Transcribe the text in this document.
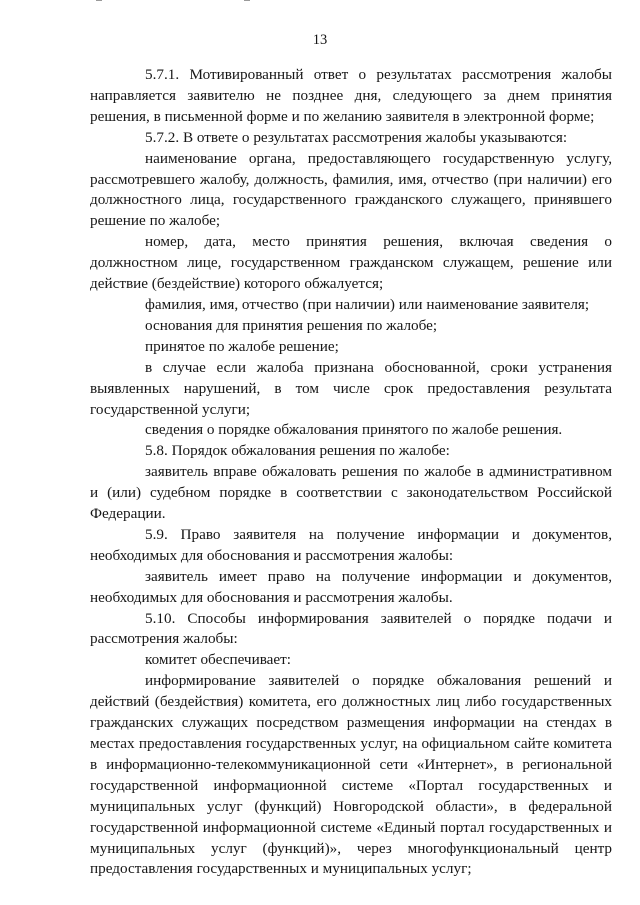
13

5.7.1. Мотивированный ответ о результатах рассмотрения жалобы направляется заявителю не позднее дня, следующего за днем принятия решения, в письменной форме и по желанию заявителя в электронной форме;

5.7.2. В ответе о результатах рассмотрения жалобы указываются:

наименование органа, предоставляющего государственную услугу, рассмотревшего жалобу, должность, фамилия, имя, отчество (при наличии) его должностного лица, государственного гражданского служащего, принявшего решение по жалобе;

номер, дата, место принятия решения, включая сведения о должностном лице, государственном гражданском служащем, решение или действие (бездействие) которого обжалуется;

фамилия, имя, отчество (при наличии) или наименование заявителя;

основания для принятия решения по жалобе;

принятое по жалобе решение;

в случае если жалоба признана обоснованной, сроки устранения выявленных нарушений, в том числе срок предоставления результата государственной услуги;

сведения о порядке обжалования принятого по жалобе решения.

5.8. Порядок обжалования решения по жалобе:

заявитель вправе обжаловать решения по жалобе в административном и (или) судебном порядке в соответствии с законодательством Российской Федерации.

5.9. Право заявителя на получение информации и документов, необходимых для обоснования и рассмотрения жалобы:

заявитель имеет право на получение информации и документов, необходимых для обоснования и рассмотрения жалобы.

5.10. Способы информирования заявителей о порядке подачи и рассмотрения жалобы:

комитет обеспечивает:

информирование заявителей о порядке обжалования решений и действий (бездействия) комитета, его должностных лиц либо государственных гражданских служащих посредством размещения информации на стендах в местах предоставления государственных услуг, на официальном сайте комитета в информационно-телекоммуникационной сети «Интернет», в региональной государственной информационной системе «Портал государственных и муниципальных услуг (функций) Новгородской области», в федеральной государственной информационной системе «Единый портал государственных и муниципальных услуг (функций)», через многофункциональный центр предоставления государственных и муниципальных услуг;
